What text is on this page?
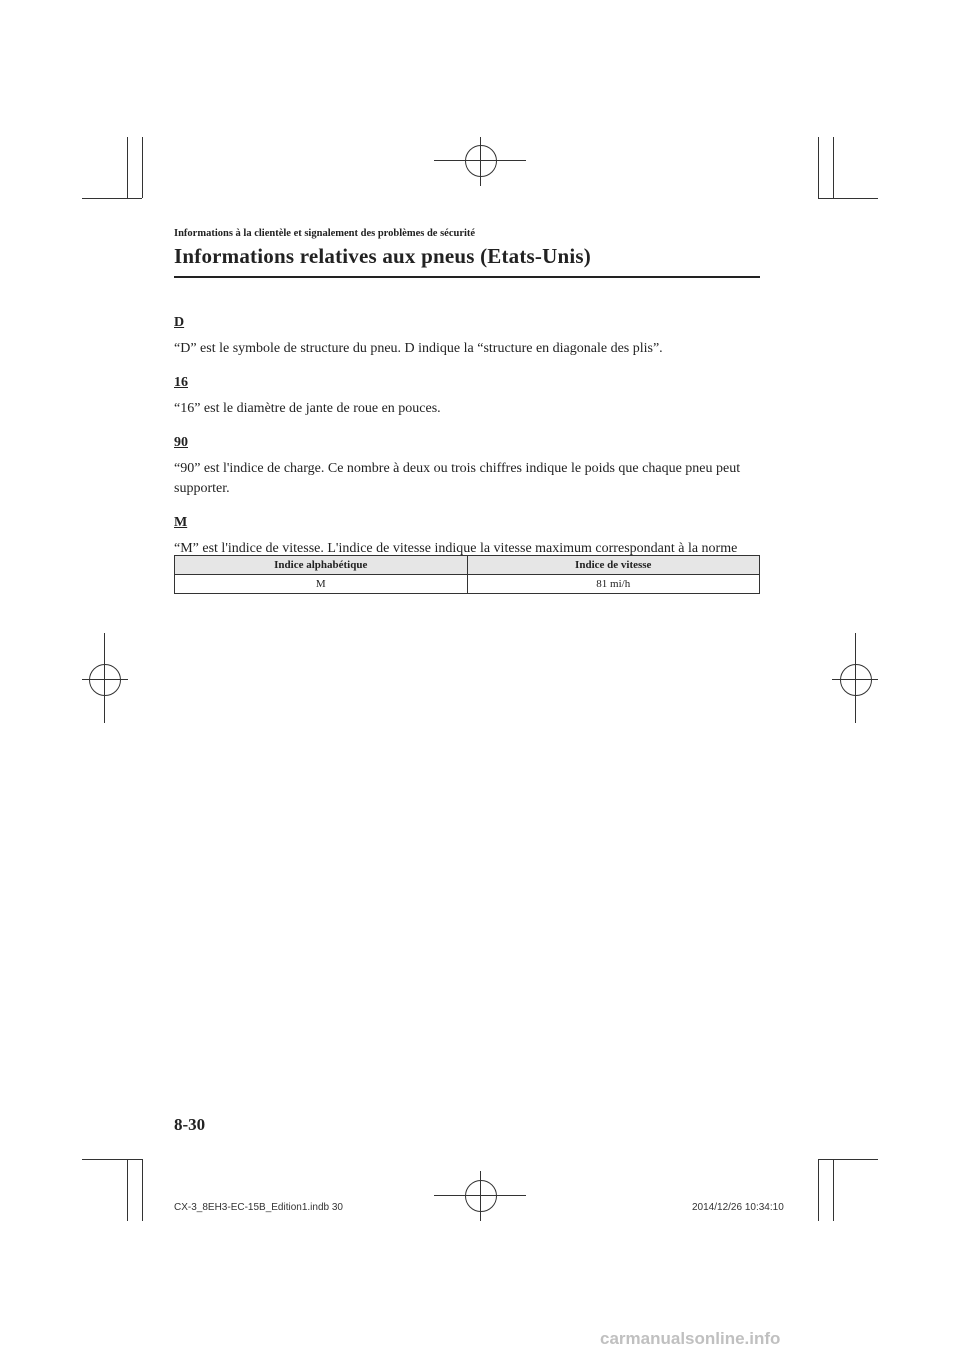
Informations à la clientèle et signalement des problèmes de sécurité
Informations relatives aux pneus (Etats-Unis)

D

“D” est le symbole de structure du pneu. D indique la “structure en diagonale des plis”.

16

“16” est le diamètre de jante de roue en pouces.

90

“90” est l'indice de charge. Ce nombre à deux ou trois chiffres indique le poids que chaque pneu peut supporter.

M

“M” est l'indice de vitesse. L'indice de vitesse indique la vitesse maximum correspondant à la norme

Indice alphabétique	Indice de vitesse
M	81 mi/h
8-30
CX-3_8EH3-EC-15B_Edition1.indb 30	2014/12/26 10:34:10
carmanualsonline.info
